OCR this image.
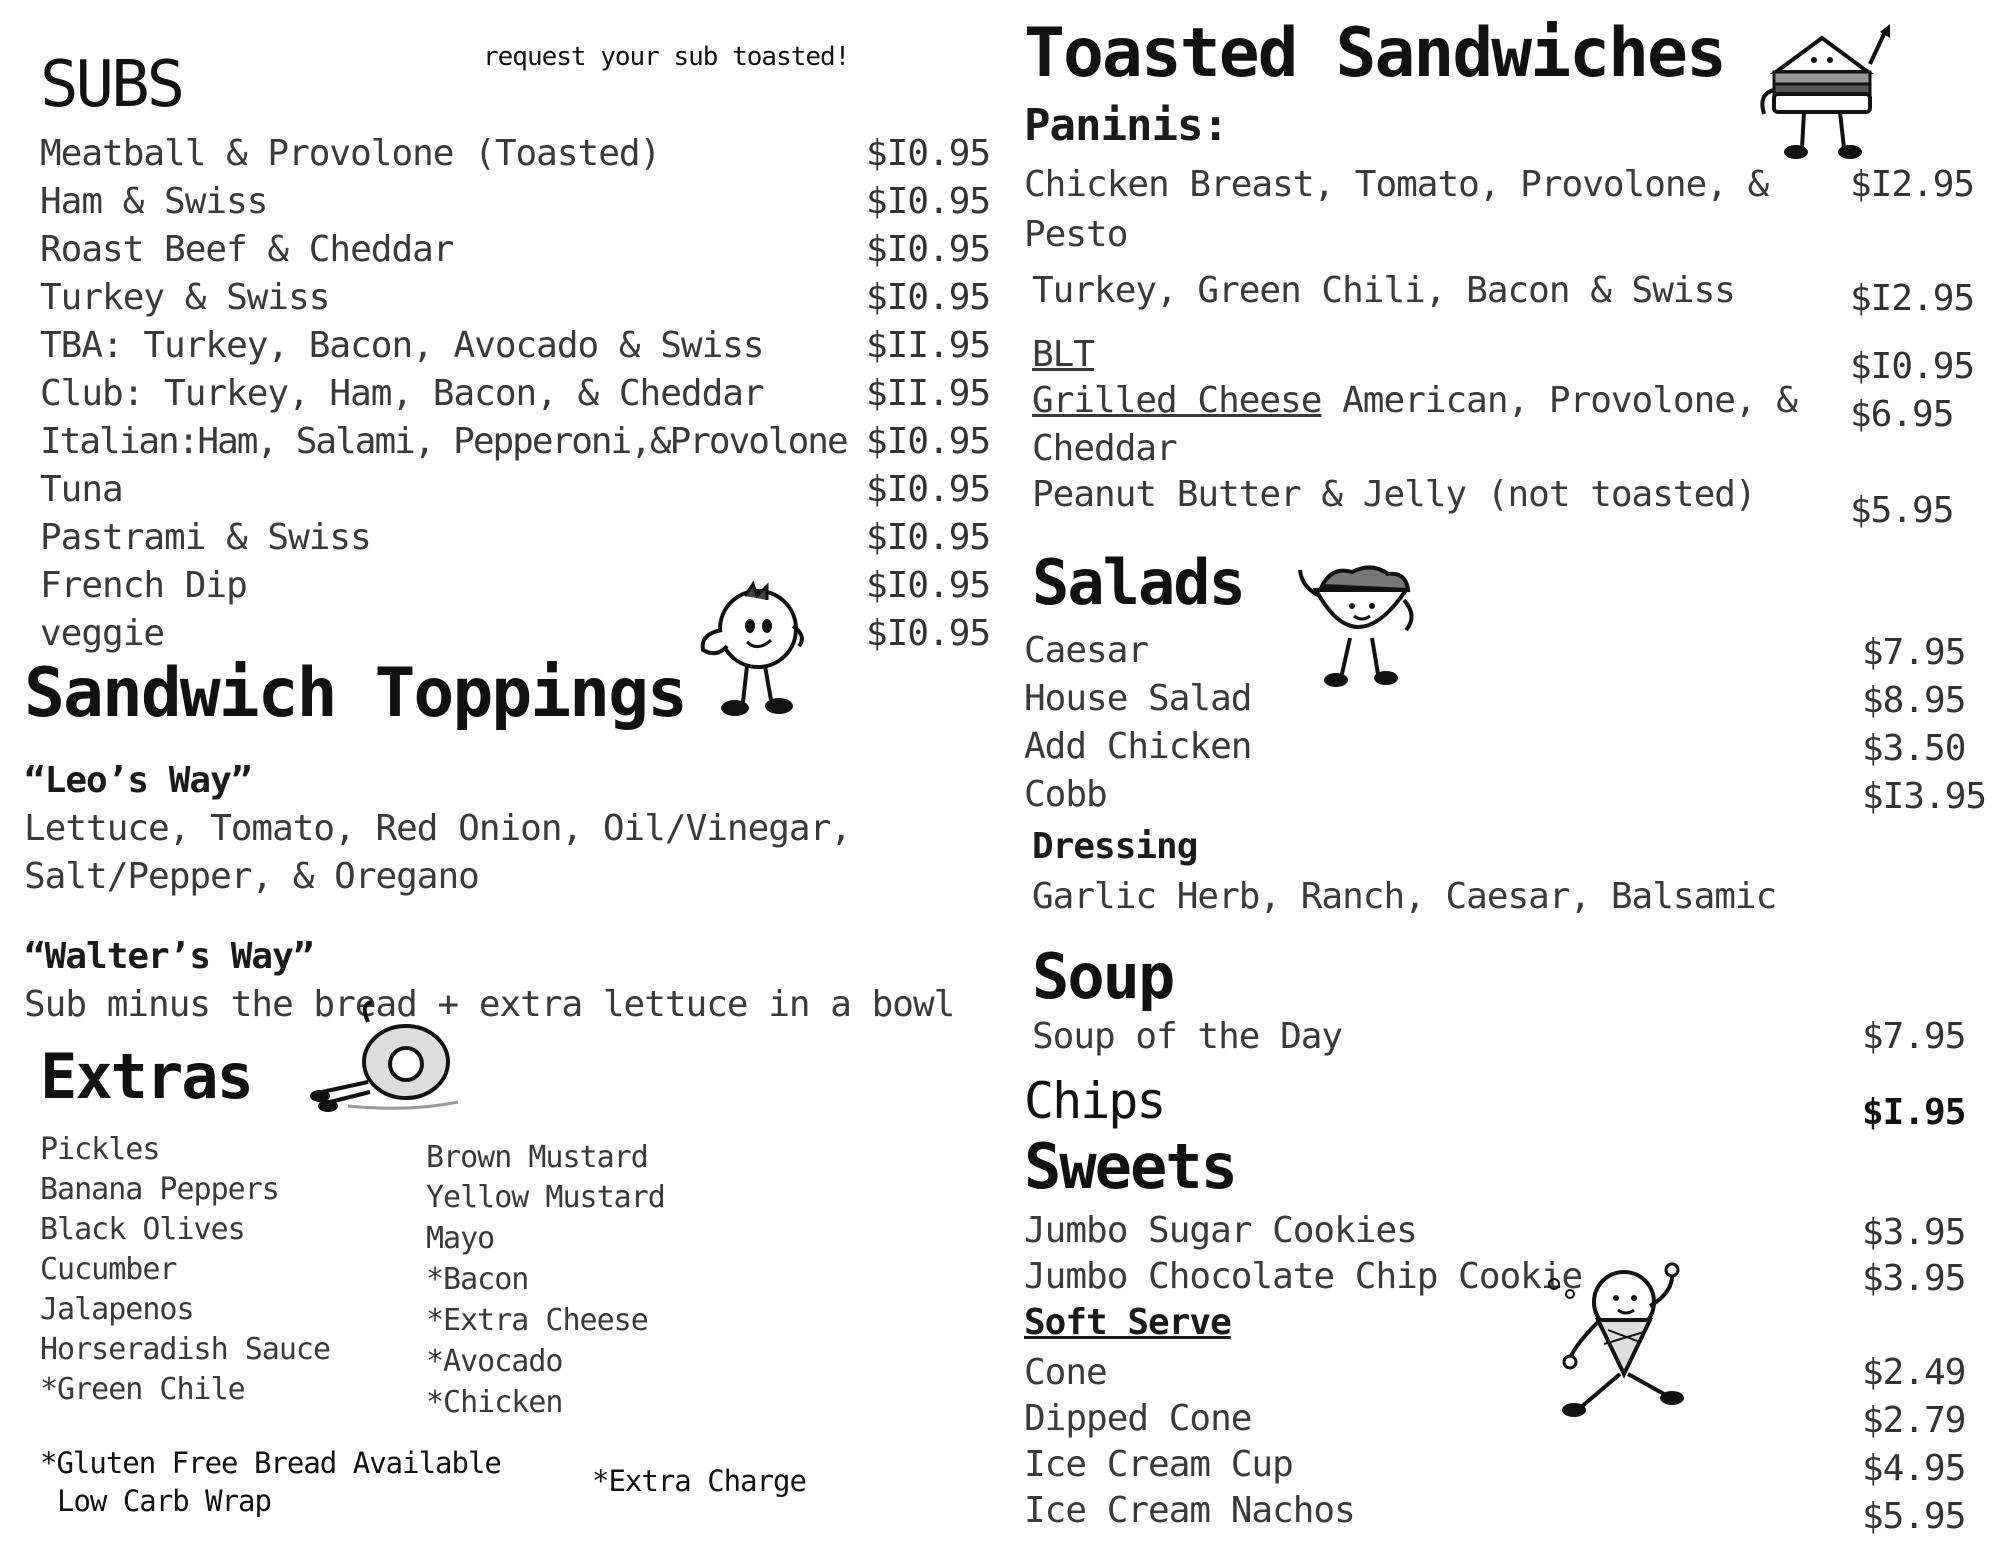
SUBS	request your sub toasted!
Meatball & Provolone (Toasted)	$I0.95
Ham & Swiss	$I0.95
Roast Beef & Cheddar	$I0.95
Turkey & Swiss	$I0.95
TBA: Turkey, Bacon, Avocado & Swiss	$II.95
Club: Turkey, Ham, Bacon, & Cheddar	$II.95
Italian:Ham, Salami, Pepperoni,&Provolone $I0.95
Tuna	$I0.95
Pastrami & Swiss	$I0.95
French Dip	$I0.95
veggie	$I0.95
Sandwich Toppings
“Leo’s Way”
Lettuce, Tomato, Red Onion, Oil/Vinegar,
Salt/Pepper, & Oregano
“Walter’s Way”
Sub minus the bread + extra lettuce in a bowl
Extras
Pickles
Banana Peppers
Black Olives
Cucumber
Jalapenos
Horseradish Sauce
*Green Chile
Brown Mustard
Yellow Mustard
Mayo
*Bacon
*Extra Cheese
*Avocado
*Chicken
*Gluten Free Bread Available
Low Carb Wrap
*Extra Charge
Toasted Sandwiches
Paninis:
Chicken Breast, Tomato, Provolone, &
Pesto
$I2.95
Turkey, Green Chili, Bacon & Swiss	$I2.95
BLT	$I0.95
Grilled Cheese American, Provolone, &
Cheddar
$6.95
Peanut Butter & Jelly (not toasted)	$5.95
Salads
Caesar	$7.95
House Salad	$8.95
Add Chicken	$3.50
Cobb	$I3.95
Dressing
Garlic Herb, Ranch, Caesar, Balsamic
Soup
Soup of the Day	$7.95
Chips	$I.95
Sweets
Jumbo Sugar Cookies	$3.95
Jumbo Chocolate Chip Cookie	$3.95
Soft Serve
Cone	$2.49
Dipped Cone	$2.79
Ice Cream Cup	$4.95
Ice Cream Nachos	$5.95
